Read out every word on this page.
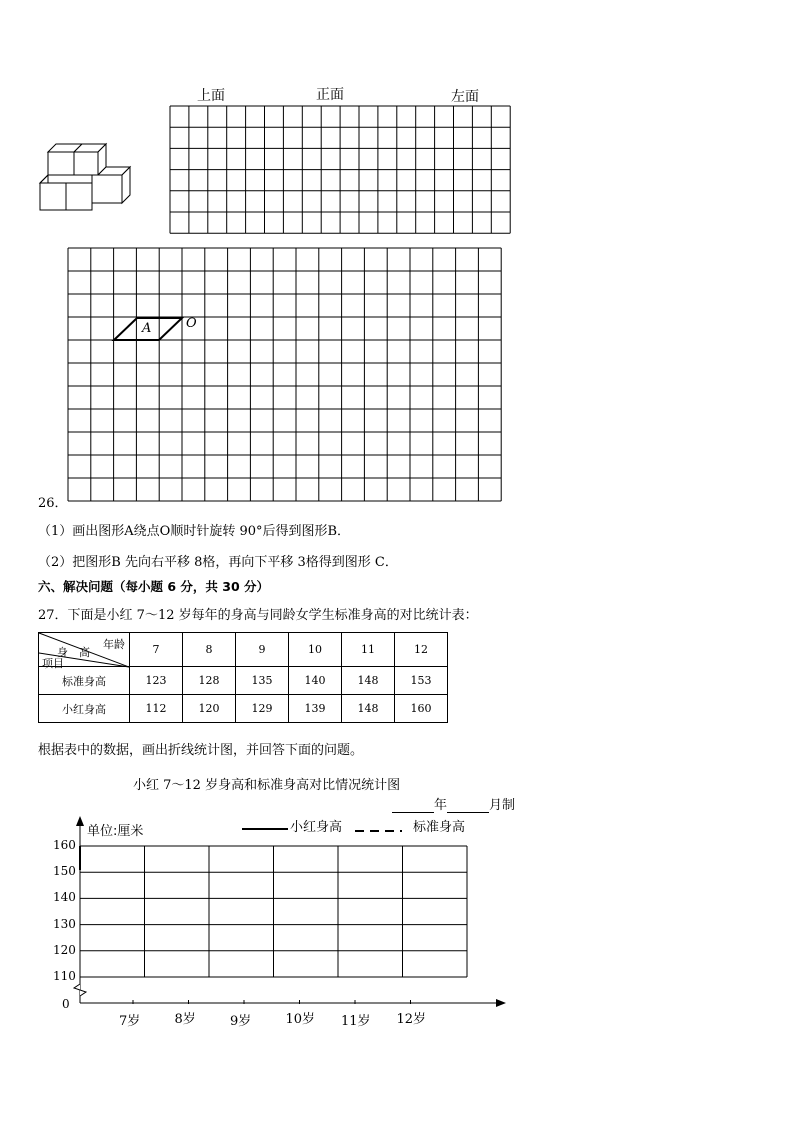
上面	正面	左面
A	O
26．
（1）画出图形A绕点O顺时针旋转 90°后得到图形B．
（2）把图形B 先向右平移 8格，再向下平移 3格得到图形 C．
六、解决问题（每小题 6 分，共 30 分）
27．下面是小红 7～12 岁每年的身高与同龄女学生标准身高的对比统计表：
年龄
身　高
项目	7	8	9	10	11	12
标准身高	123	128	135	140	148	153
小红身高	112	120	129	139	148	160
根据表中的数据，画出折线统计图，并回答下面的问题。
小红 7～12 岁身高和标准身高对比情况统计图
年	月制
单位:厘米	小红身高	标准身高
160
150
140
130
120
110
7岁	8岁	9岁	10岁 11岁 12岁
0
